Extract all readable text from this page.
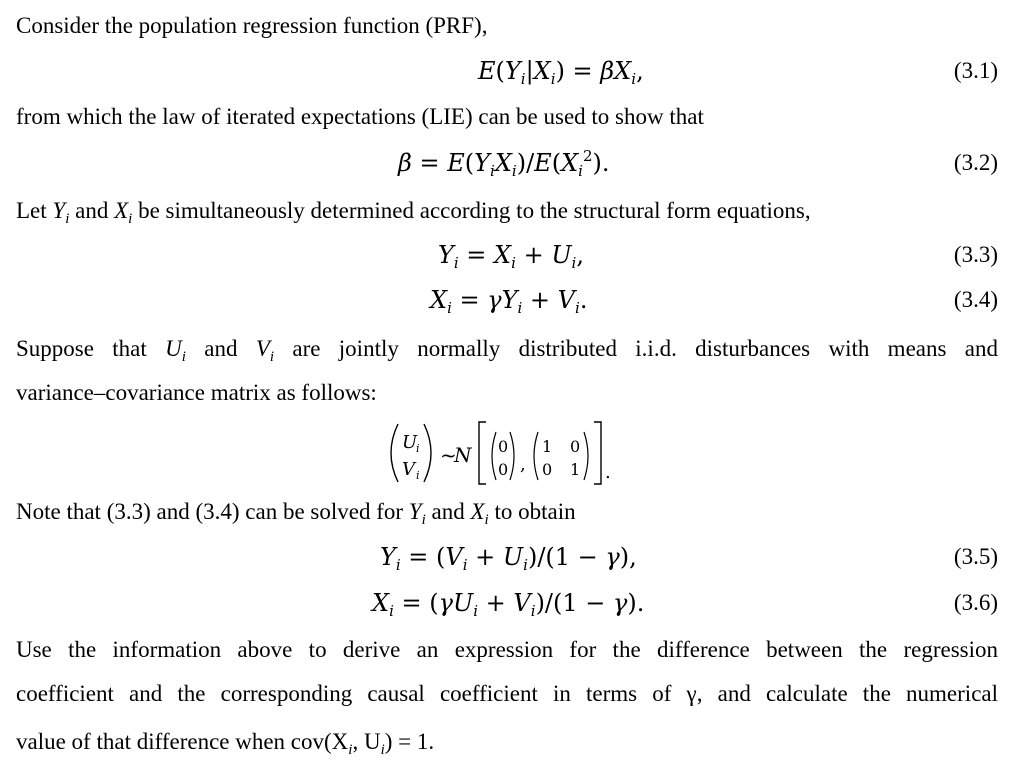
Consider the population regression function (PRF),
$E(Y_i|X_i) = \beta X_i$,	(3.1)
from which the law of iterated expectations (LIE) can be used to show that
$\beta = E(Y_iX_i)/E(X_i^2)$.	(3.2)
Let $Y_i$ and $X_i$ be simultaneously determined according to the structural form equations,
$Y_i = X_i + U_i$,	(3.3)
$X_i = \gamma Y_i + V_i$.	(3.4)
Suppose that $U_i$ and $V_i$ are jointly normally distributed i.i.d. disturbances with means and
variance–covariance matrix as follows:
U
i
V i
~
N 0
0 ,
1 0
0 1 .
Note that (3.3) and (3.4) can be solved for $Y_i$ and $X_i$ to obtain
$Y_i = (V_i + U_i)/(1 - \gamma)$,	(3.5)
$X_i = (\gamma U_i + V_i)/(1 - \gamma)$.	(3.6)
Use the information above to derive an expression for the difference between the regression
coefficient and the corresponding causal coefficient in terms of γ, and calculate the numerical
value of that difference when $cov(X_i$, $U_i) = 1$.
